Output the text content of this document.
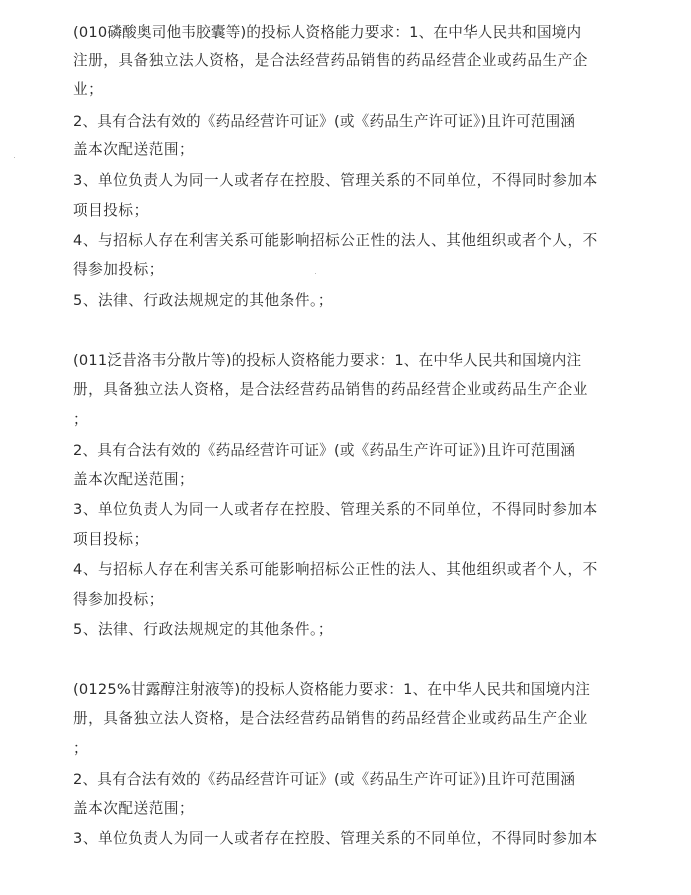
(010磷酸奥司他韦胶囊等)的投标人资格能力要求：1、在中华人民共和国境内
注册，具备独立法人资格，是合法经营药品销售的药品经营企业或药品生产企
业；
2、具有合法有效的《药品经营许可证》(或《药品生产许可证》)且许可范围涵
盖本次配送范围；
3、单位负责人为同一人或者存在控股、管理关系的不同单位，不得同时参加本
项目投标；
4、与招标人存在利害关系可能影响招标公正性的法人、其他组织或者个人，不
得参加投标；
5、法律、行政法规规定的其他条件。；
(011泛昔洛韦分散片等)的投标人资格能力要求：1、在中华人民共和国境内注
册，具备独立法人资格，是合法经营药品销售的药品经营企业或药品生产企业
；
2、具有合法有效的《药品经营许可证》(或《药品生产许可证》)且许可范围涵
盖本次配送范围；
3、单位负责人为同一人或者存在控股、管理关系的不同单位，不得同时参加本
项目投标；
4、与招标人存在利害关系可能影响招标公正性的法人、其他组织或者个人，不
得参加投标；
5、法律、行政法规规定的其他条件。；
(0125%甘露醇注射液等)的投标人资格能力要求：1、在中华人民共和国境内注
册，具备独立法人资格，是合法经营药品销售的药品经营企业或药品生产企业
；
2、具有合法有效的《药品经营许可证》(或《药品生产许可证》)且许可范围涵
盖本次配送范围；
3、单位负责人为同一人或者存在控股、管理关系的不同单位，不得同时参加本
